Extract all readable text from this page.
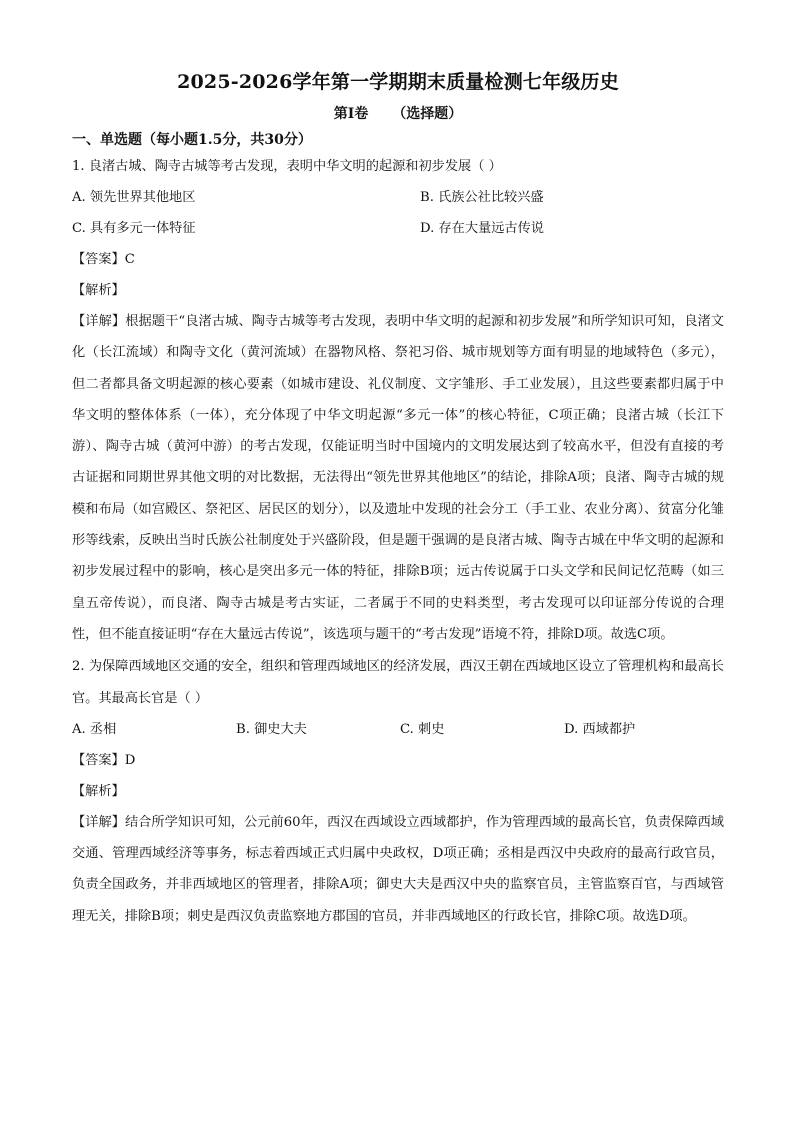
2025-2026学年第一学期期末质量检测七年级历史
第Ⅰ卷 （选择题）
一、单选题（每小题1.5分，共30分）
1. 良渚古城、陶寺古城等考古发现，表明中华文明的起源和初步发展（ ）
A. 领先世界其他地区	B. 氏族公社比较兴盛
C. 具有多元一体特征	D. 存在大量远古传说
【答案】C
【解析】
【详解】根据题干“良渚古城、陶寺古城等考古发现，表明中华文明的起源和初步发展”和所学知识可知，良渚文化（长江流域）和陶寺文化（黄河流域）在器物风格、祭祀习俗、城市规划等方面有明显的地域特色（多元），但二者都具备文明起源的核心要素（如城市建设、礼仪制度、文字雏形、手工业发展），且这些要素都归属于中华文明的整体体系（一体），充分体现了中华文明起源“多元一体”的核心特征，C项正确；良渚古城（长江下游）、陶寺古城（黄河中游）的考古发现，仅能证明当时中国境内的文明发展达到了较高水平，但没有直接的考古证据和同期世界其他文明的对比数据，无法得出“领先世界其他地区”的结论，排除A项；良渚、陶寺古城的规模和布局（如宫殿区、祭祀区、居民区的划分），以及遗址中发现的社会分工（手工业、农业分离）、贫富分化雏形等线索，反映出当时氏族公社制度处于兴盛阶段，但是题干强调的是良渚古城、陶寺古城在中华文明的起源和初步发展过程中的影响，核心是突出多元一体的特征，排除B项；远古传说属于口头文学和民间记忆范畴（如三皇五帝传说），而良渚、陶寺古城是考古实证，二者属于不同的史料类型，考古发现可以印证部分传说的合理性，但不能直接证明“存在大量远古传说”，该选项与题干的“考古发现”语境不符，排除D项。故选C项。
2. 为保障西域地区交通的安全，组织和管理西域地区的经济发展，西汉王朝在西域地区设立了管理机构和最高长官。其最高长官是（ ）
A. 丞相	B. 御史大夫	C. 刺史	D. 西域都护
【答案】D
【解析】
【详解】结合所学知识可知，公元前60年，西汉在西域设立西域都护，作为管理西域的最高长官，负责保障西域交通、管理西域经济等事务，标志着西域正式归属中央政权，D项正确；丞相是西汉中央政府的最高行政官员，负责全国政务，并非西域地区的管理者，排除A项；御史大夫是西汉中央的监察官员，主管监察百官，与西域管理无关，排除B项；刺史是西汉负责监察地方郡国的官员，并非西域地区的行政长官，排除C项。故选D项。
